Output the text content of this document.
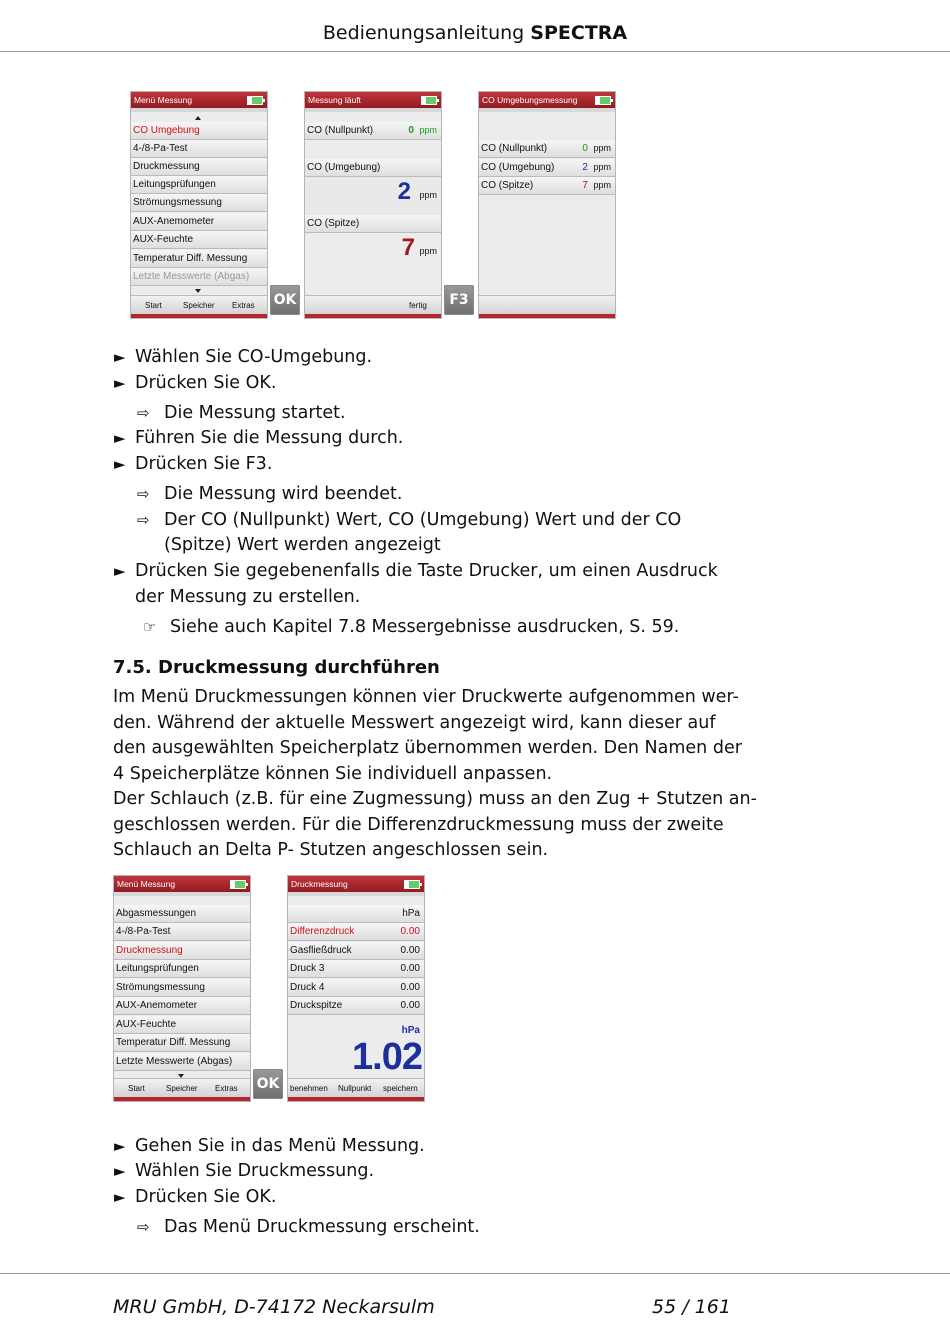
Bedienungsanleitung SPECTRA
Menü Messung
CO Umgebung
4-/8-Pa-Test
Druckmessung
Leitungsprüfungen
Strömungsmessung
AUX-Anemometer
AUX-Feuchte
Temperatur Diff. Messung
Letzte Messwerte (Abgas)
Start	Speicher Extras OK
Messung läuft
CO (Nullpunkt)	0 ppm
CO (Umgebung)
2 ppm
CO (Spitze)
7 ppm
fertig	F3
CO Umgebungsmessung
CO (Nullpunkt)	0 ppm
CO (Umgebung)	2 ppm
CO (Spitze)	7 ppm
► Wählen Sie CO-Umgebung.
► Drücken Sie OK.
⇨ Die Messung startet.
► Führen Sie die Messung durch.
► Drücken Sie F3.
⇨ Die Messung wird beendet.
⇨ Der CO (Nullpunkt) Wert, CO (Umgebung) Wert und der CO
(Spitze) Wert werden angezeigt
► Drücken Sie gegebenenfalls die Taste Drucker, um einen Ausdruck
der Messung zu erstellen.
☞ Siehe auch Kapitel 7.8 Messergebnisse ausdrucken, S. 59.
7.5. Druckmessung durchführen
Im Menü Druckmessungen können vier Druckwerte aufgenommen wer-
den. Während der aktuelle Messwert angezeigt wird, kann dieser auf
den ausgewählten Speicherplatz übernommen werden. Den Namen der
4 Speicherplätze können Sie individuell anpassen.
Der Schlauch (z.B. für eine Zugmessung) muss an den Zug + Stutzen an-
geschlossen werden. Für die Differenzdruckmessung muss der zweite
Schlauch an Delta P- Stutzen angeschlossen sein.
Menü Messung
Abgasmessungen
4-/8-Pa-Test
Druckmessung
Leitungsprüfungen
Strömungsmessung
AUX-Anemometer
AUX-Feuchte
Temperatur Diff. Messung
Letzte Messwerte (Abgas)
Start	Speicher Extras OK
Druckmessung
hPa
Differenzdruck	0.00
Gasfließdruck	0.00
Druck 3	0.00
Druck 4	0.00
Druckspitze	0.00
hPa
1.02
benehmen Nullpunkt speichern
► Gehen Sie in das Menü Messung.
► Wählen Sie Druckmessung.
► Drücken Sie OK.
⇨ Das Menü Druckmessung erscheint.
MRU GmbH, D-74172 Neckarsulm	55 / 161
